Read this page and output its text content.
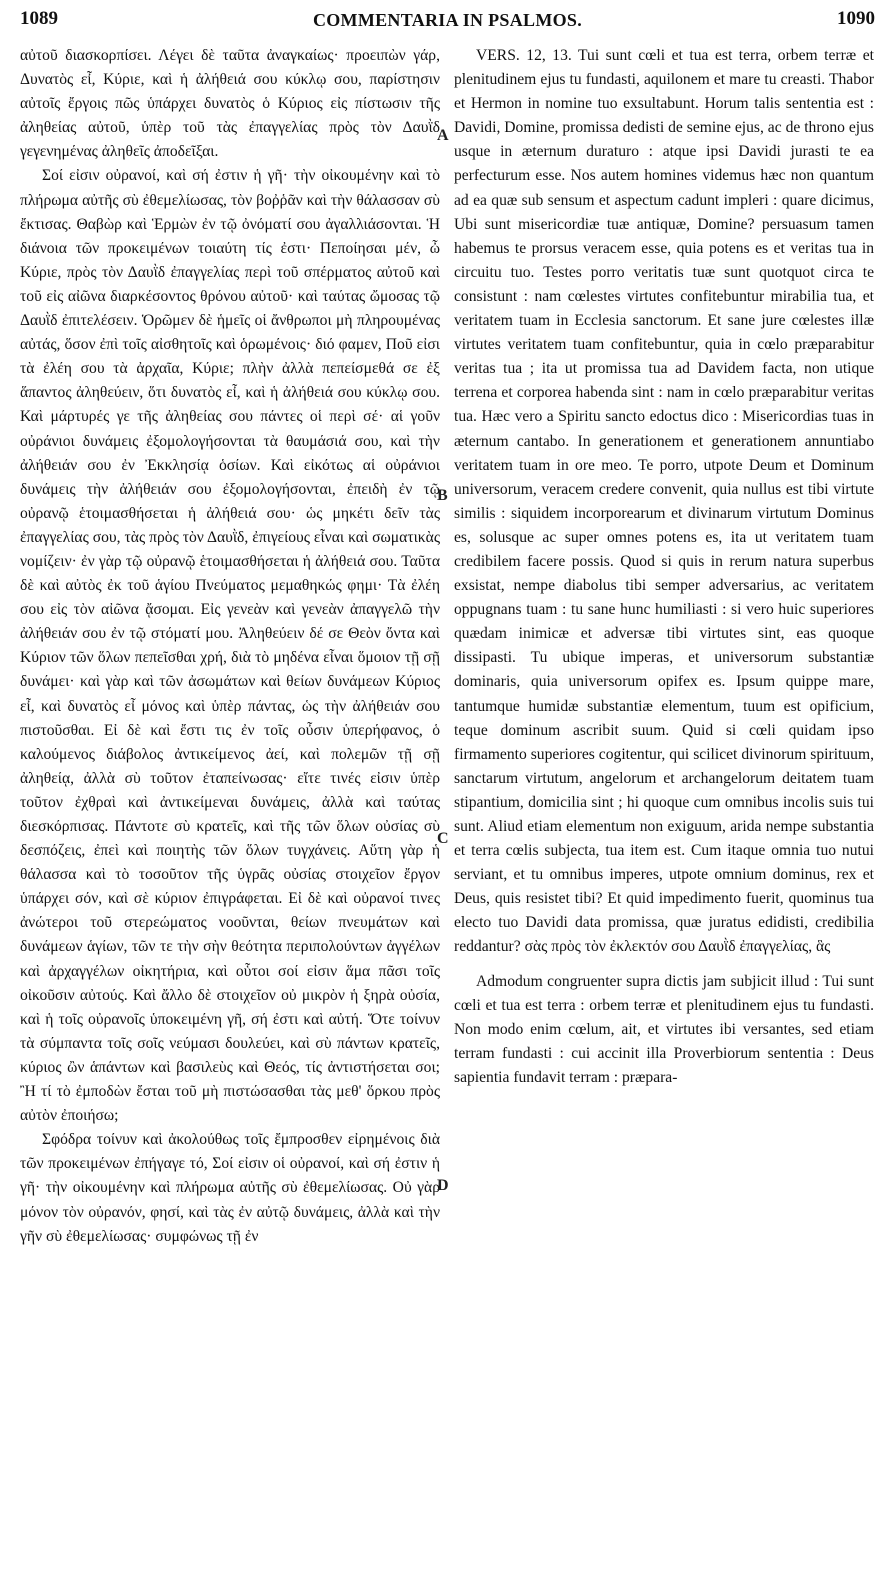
1089	COMMENTARIA IN PSALMOS.	1090

αὐτοῦ διασκορπίσει. Λέγει δὲ ταῦτα ἀναγκαίως· προειπὼν γάρ, Δυνατὸς εἶ, Κύριε, καὶ ἡ ἀλήθειά σου κύκλῳ σου, παρίστησιν αὐτοῖς ἔργοις πῶς ὑπάρχει δυνατὸς ὁ Κύριος εἰς πίστωσιν τῆς ἀληθείας αὐτοῦ, ὑπὲρ τοῦ τὰς ἐπαγγελίας πρὸς τὸν Δαυῒδ γεγενημένας ἀληθεῖς ἀποδεῖξαι.

Σοί εἰσιν οὐρανοί, καὶ σή ἐστιν ἡ γῆ· τὴν οἰκουμένην καὶ τὸ πλήρωμα αὐτῆς σὺ ἐθεμελίωσας, τὸν βοῤῥᾶν καὶ τὴν θάλασσαν σὺ ἔκτισας. Θαβὼρ καὶ Ἑρμὼν ἐν τῷ ὀνόματί σου ἀγαλλιάσονται. Ἡ διάνοια τῶν προκειμένων τοιαύτη τίς ἐστι· Πεποίησαι μέν, ὦ Κύριε, πρὸς τὸν Δαυῒδ ἐπαγγελίας περὶ τοῦ σπέρματος αὐτοῦ καὶ τοῦ εἰς αἰῶνα διαρκέσοντος θρόνου αὐτοῦ· καὶ ταύτας ὤμοσας τῷ Δαυῒδ ἐπιτελέσειν. Ὁρῶμεν δὲ ἡμεῖς οἱ ἄνθρωποι μὴ πληρουμένας αὐτάς, ὅσον ἐπὶ τοῖς αἰσθητοῖς καὶ ὁρωμένοις· διό φαμεν, Ποῦ εἰσι τὰ ἐλέη σου τὰ ἀρχαῖα, Κύριε; πλὴν ἀλλὰ πεπείσμεθά σε ἐξ ἅπαντος ἀληθεύειν, ὅτι δυνατὸς εἶ, καὶ ἡ ἀλήθειά σου κύκλῳ σου. Καὶ μάρτυρές γε τῆς ἀληθείας σου πάντες οἱ περὶ σέ· αἱ γοῦν οὐράνιοι δυνάμεις ἐξομολογήσονται τὰ θαυμάσιά σου, καὶ τὴν ἀλήθειάν σου ἐν Ἐκκλησίᾳ ὁσίων. Καὶ εἰκότως αἱ οὐράνιοι δυνάμεις τὴν ἀλήθειάν σου ἐξομολογήσονται, ἐπειδὴ ἐν τῷ οὐρανῷ ἑτοιμασθήσεται ἡ ἀλήθειά σου· ὡς μηκέτι δεῖν τὰς ἐπαγγελίας σου, τὰς πρὸς τὸν Δαυῒδ, ἐπιγείους εἶναι καὶ σωματικὰς νομίζειν· ἐν γὰρ τῷ οὐρανῷ ἑτοιμασθήσεται ἡ ἀλήθειά σου. Ταῦτα δὲ καὶ αὐτὸς ἐκ τοῦ ἁγίου Πνεύματος μεμαθηκώς φημι· Τὰ ἐλέη σου εἰς τὸν αἰῶνα ᾄσομαι. Εἰς γενεὰν καὶ γενεὰν ἀπαγγελῶ τὴν ἀλήθειάν σου ἐν τῷ στόματί μου. Ἀληθεύειν δέ σε Θεὸν ὄντα καὶ Κύριον τῶν ὅλων πεπεῖσθαι χρή, διὰ τὸ μηδένα εἶναι ὅμοιον τῇ σῇ δυνάμει· καὶ γὰρ καὶ τῶν ἀσωμάτων καὶ θείων δυνάμεων Κύριος εἶ, καὶ δυνατὸς εἶ μόνος καὶ ὑπὲρ πάντας, ὡς τὴν ἀλήθειάν σου πιστοῦσθαι. Εἰ δὲ καὶ ἔστι τις ἐν τοῖς οὖσιν ὑπερήφανος, ὁ καλούμενος διάβολος ἀντικείμενος ἀεί, καὶ πολεμῶν τῇ σῇ ἀληθείᾳ, ἀλλὰ σὺ τοῦτον ἐταπείνωσας· εἴτε τινές εἰσιν ὑπὲρ τοῦτον ἐχθραὶ καὶ ἀντικείμεναι δυνάμεις, ἀλλὰ καὶ ταύτας διεσκόρπισας. Πάντοτε σὺ κρατεῖς, καὶ τῆς τῶν ὅλων οὐσίας σὺ δεσπόζεις, ἐπεὶ καὶ ποιητὴς τῶν ὅλων τυγχάνεις. Αὕτη γὰρ ἡ θάλασσα καὶ τὸ τοσοῦτον τῆς ὑγρᾶς οὐσίας στοιχεῖον ἔργον ὑπάρχει σόν, καὶ σὲ κύριον ἐπιγράφεται. Εἰ δὲ καὶ οὐρανοί τινες ἀνώτεροι τοῦ στερεώματος νοοῦνται, θείων πνευμάτων καὶ δυνάμεων ἁγίων, τῶν τε τὴν σὴν θεότητα περιπολούντων ἀγγέλων καὶ ἀρχαγγέλων οἰκητήρια, καὶ οὗτοι σοί εἰσιν ἅμα πᾶσι τοῖς οἰκοῦσιν αὐτούς. Καὶ ἄλλο δὲ στοιχεῖον οὐ μικρὸν ἡ ξηρὰ οὐσία, καὶ ἡ τοῖς οὐρανοῖς ὑποκειμένη γῆ, σή ἐστι καὶ αὐτή. Ὅτε τοίνυν τὰ σύμπαντα τοῖς σοῖς νεύμασι δουλεύει, καὶ σὺ πάντων κρατεῖς, κύριος ὢν ἁπάντων καὶ βασιλεὺς καὶ Θεός, τίς ἀντιστήσεται σοι; Ἢ τί τὸ ἐμποδὼν ἔσται τοῦ μὴ πιστώσασθαι τὰς μεθ' ὅρκου πρὸς αὐτὸν ἐποιήσω;

Σφόδρα τοίνυν καὶ ἀκολούθως τοῖς ἔμπροσθεν εἰρημένοις διὰ τῶν προκειμένων ἐπήγαγε τό, Σοί εἰσιν οἱ οὐρανοί, καὶ σή ἐστιν ἡ γῆ· τὴν οἰκουμένην καὶ πλήρωμα αὐτῆς σὺ ἐθεμελίωσας. Οὐ γὰρ μόνον τὸν οὐρανόν, φησί, καὶ τὰς ἐν αὐτῷ δυνάμεις, ἀλλὰ καὶ τὴν γῆν σὺ ἐθεμελίωσας· συμφώνως τῇ ἐν

VERS. 12, 13. Tui sunt cœli et tua est terra, orbem terræ et plenitudinem ejus tu fundasti, aquilonem et mare tu creasti. Thabor et Hermon in nomine tuo exsultabunt. Horum talis sententia est : Davidi, Domine, promissa dedisti de semine ejus, ac de throno ejus usque in æternum duraturo : atque ipsi Davidi jurasti te ea perfecturum esse. Nos autem homines videmus hæc non quantum ad ea quæ sub sensum et aspectum cadunt impleri : quare dicimus, Ubi sunt misericordiæ tuæ antiquæ, Domine? persuasum tamen habemus te prorsus veracem esse, quia potens es et veritas tua in circuitu tuo. Testes porro veritatis tuæ sunt quotquot circa te consistunt : nam cœlestes virtutes confitebuntur mirabilia tua, et veritatem tuam in Ecclesia sanctorum. Et sane jure cœlestes illæ virtutes veritatem tuam confitebuntur, quia in cœlo præparabitur veritas tua ; ita ut promissa tua ad Davidem facta, non utique terrena et corporea habenda sint : nam in cœlo præparabitur veritas tua. Hæc vero a Spiritu sancto edoctus dico : Misericordias tuas in æternum cantabo. In generationem et generationem annuntiabo veritatem tuam in ore meo. Te porro, utpote Deum et Dominum universorum, veracem credere convenit, quia nullus est tibi virtute similis : siquidem incorporearum et divinarum virtutum Dominus es, solusque ac super omnes potens es, ita ut veritatem tuam credibilem facere possis. Quod si quis in rerum natura superbus exsistat, nempe diabolus tibi semper adversarius, ac veritatem oppugnans tuam : tu sane hunc humiliasti : si vero huic superiores quædam inimicæ et adversæ tibi virtutes sint, eas quoque dissipasti. Tu ubique imperas, et universorum substantiæ dominaris, quia universorum opifex es. Ipsum quippe mare, tantumque humidæ substantiæ elementum, tuum est opificium, teque dominum ascribit suum. Quid si cœli quidam ipso firmamento superiores cogitentur, qui scilicet divinorum spirituum, sanctarum virtutum, angelorum et archangelorum deitatem tuam stipantium, domicilia sint ; hi quoque cum omnibus incolis suis tui sunt. Aliud etiam elementum non exiguum, arida nempe substantia et terra cœlis subjecta, tua item est. Cum itaque omnia tuo nutui serviant, et tu omnibus imperes, utpote omnium dominus, rex et Deus, quis resistet tibi? Et quid impedimento fuerit, quominus tua electo tuo Davidi data promissa, quæ juratus edidisti, credibilia reddantur? σὰς πρὸς τὸν ἐκλεκτόν σου Δαυῒδ ἐπαγγελίας, ἃς

Admodum congruenter supra dictis jam subjicit illud : Tui sunt cœli et tua est terra : orbem terræ et plenitudinem ejus tu fundasti. Non modo enim cœlum, ait, et virtutes ibi versantes, sed etiam terram fundasti : cui accinit illa Proverbiorum sententia : Deus sapientia fundavit terram : præpara-

A
B
C
D
